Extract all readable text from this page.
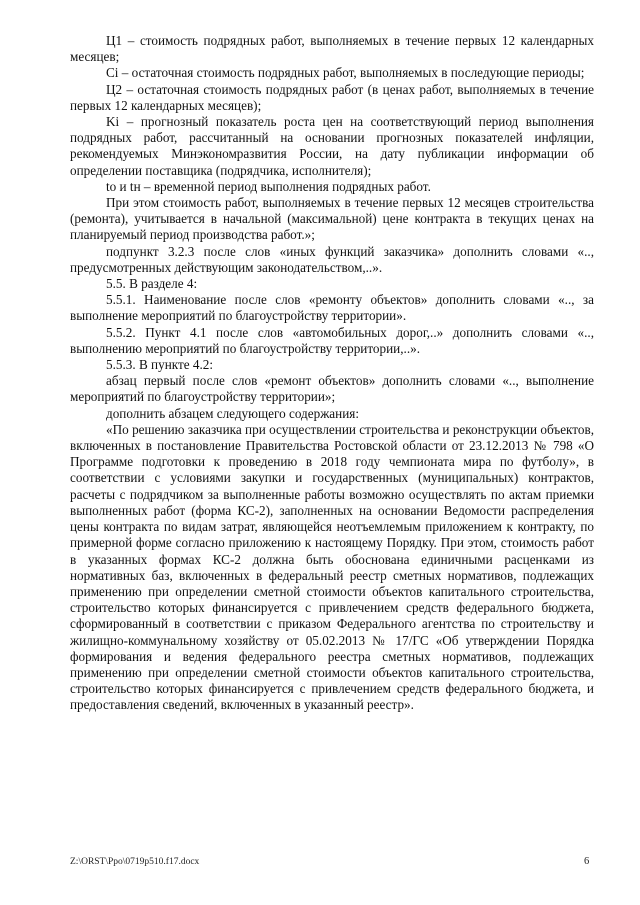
Ц1 – стоимость подрядных работ, выполняемых в течение первых 12 календарных месяцев;

Ci – остаточная стоимость подрядных работ, выполняемых в последующие периоды;

Ц2 – остаточная стоимость подрядных работ (в ценах работ, выполняемых в течение первых 12 календарных месяцев);

Ki – прогнозный показатель роста цен на соответствующий период выполнения подрядных работ, рассчитанный на основании прогнозных показателей инфляции, рекомендуемых Минэкономразвития России, на дату публикации информации об определении поставщика (подрядчика, исполнителя);

to и tн – временной период выполнения подрядных работ.

При этом стоимость работ, выполняемых в течение первых 12 месяцев строительства (ремонта), учитывается в начальной (максимальной) цене контракта в текущих ценах на планируемый период производства работ.»;

подпункт 3.2.3 после слов «иных функций заказчика» дополнить словами «.., предусмотренных действующим законодательством,..».

5.5. В разделе 4:

5.5.1. Наименование после слов «ремонту объектов» дополнить словами «.., за выполнение мероприятий по благоустройству территории».

5.5.2. Пункт 4.1 после слов «автомобильных дорог,..» дополнить словами «.., выполнению мероприятий по благоустройству территории,..».

5.5.3. В пункте 4.2:

абзац первый после слов «ремонт объектов» дополнить словами «.., выполнение мероприятий по благоустройству территории»;

дополнить абзацем следующего содержания:

«По решению заказчика при осуществлении строительства и реконструкции объектов, включенных в постановление Правительства Ростовской области от 23.12.2013 № 798 «О Программе подготовки к проведению в 2018 году чемпионата мира по футболу», в соответствии с условиями закупки и государственных (муниципальных) контрактов, расчеты с подрядчиком за выполненные работы возможно осуществлять по актам приемки выполненных работ (форма КС-2), заполненных на основании Ведомости распределения цены контракта по видам затрат, являющейся неотъемлемым приложением к контракту, по примерной форме согласно приложению к настоящему Порядку. При этом, стоимость работ в указанных формах КС-2 должна быть обоснована единичными расценками из нормативных баз, включенных в федеральный реестр сметных нормативов, подлежащих применению при определении сметной стоимости объектов капитального строительства, строительство которых финансируется с привлечением средств федерального бюджета, сформированный в соответствии с приказом Федерального агентства по строительству и жилищно-коммунальному хозяйству от 05.02.2013 № 17/ГС «Об утверждении Порядка формирования и ведения федерального реестра сметных нормативов, подлежащих применению при определении сметной стоимости объектов капитального строительства, строительство которых финансируется с привлечением средств федерального бюджета, и предоставления сведений, включенных в указанный реестр».

Z:\ORST\Ppo\0719p510.f17.docx	6
